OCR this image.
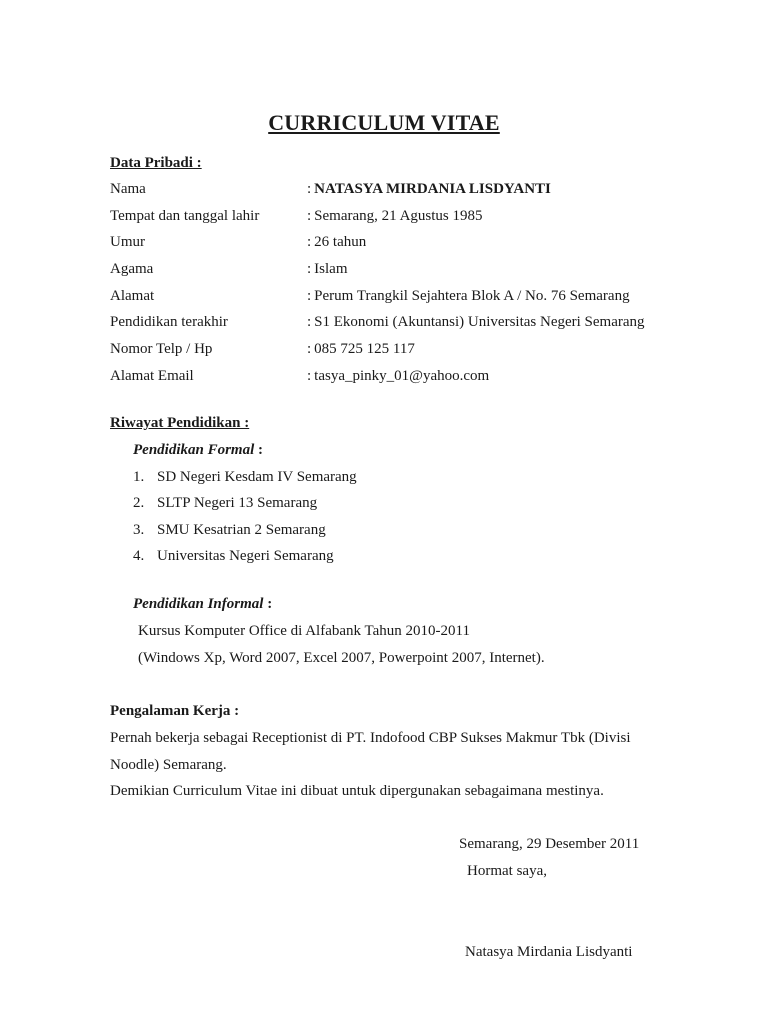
CURRICULUM VITAE
Data Pribadi :
Nama	: NATASYA MIRDANIA LISDYANTI
Tempat dan tanggal lahir	: Semarang, 21 Agustus 1985
Umur	: 26 tahun
Agama	: Islam
Alamat	: Perum Trangkil Sejahtera Blok A / No. 76 Semarang
Pendidikan terakhir	: S1 Ekonomi (Akuntansi) Universitas Negeri Semarang
Nomor Telp / Hp	: 085 725 125 117
Alamat Email	: tasya_pinky_01@yahoo.com
Riwayat Pendidikan :
Pendidikan Formal :
1. SD Negeri Kesdam IV Semarang
2. SLTP Negeri 13 Semarang
3. SMU Kesatrian 2 Semarang
4. Universitas Negeri Semarang
Pendidikan Informal :
Kursus Komputer Office di Alfabank Tahun 2010-2011
(Windows Xp, Word 2007, Excel 2007, Powerpoint 2007, Internet).
Pengalaman Kerja :
Pernah bekerja sebagai Receptionist di PT. Indofood CBP Sukses Makmur Tbk (Divisi
Noodle) Semarang.
Demikian Curriculum Vitae ini dibuat untuk dipergunakan sebagaimana mestinya.
Semarang, 29 Desember 2011
Hormat saya,
Natasya Mirdania Lisdyanti
